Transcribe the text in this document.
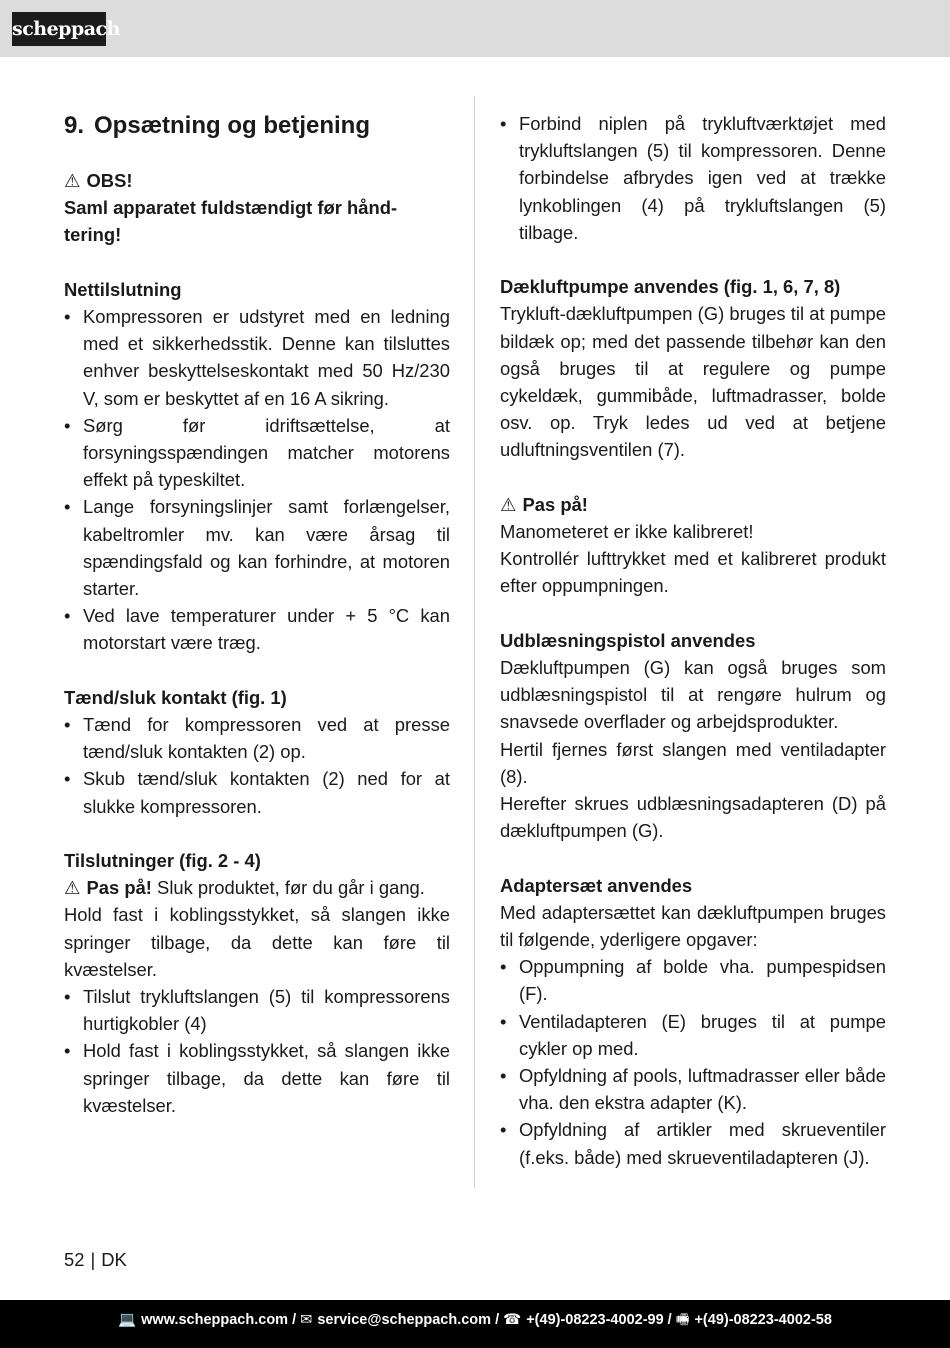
scheppach
9. Opsætning og betjening

⚠ OBS!

Saml apparatet fuldstændigt før hånd-tering!

Nettilslutning

• Kompressoren er udstyret med en ledning med et sikkerhedsstik. Denne kan tilsluttes enhver beskyttelseskontakt med 50 Hz/230 V, som er beskyttet af en 16 A sikring.
• Sørg før idriftsættelse, at forsyningsspændingen matcher motorens effekt på typeskiltet.
• Lange forsyningslinjer samt forlængelser, kabeltromler mv. kan være årsag til spændingsfald og kan forhindre, at motoren starter.
• Ved lave temperaturer under + 5 °C kan motorstart være træg.

Tænd/sluk kontakt (fig. 1)

• Tænd for kompressoren ved at presse tænd/sluk kontakten (2) op.
• Skub tænd/sluk kontakten (2) ned for at slukke kompressoren.

Tilslutninger (fig. 2 - 4)

⚠ Pas på! Sluk produktet, før du går i gang.

Hold fast i koblingsstykket, så slangen ikke springer tilbage, da dette kan føre til kvæstelser.

• Tilslut trykluftslangen (5) til kompressorens hurtigkobler (4)
• Hold fast i koblingsstykket, så slangen ikke springer tilbage, da dette kan føre til kvæstelser.
• Forbind niplen på trykluftværktøjet med trykluftslangen (5) til kompressoren. Denne forbindelse afbrydes igen ved at trække lynkoblingen (4) på trykluftslangen (5) tilbage.

Dækluftpumpe anvendes (fig. 1, 6, 7, 8)

Trykluft-dækluftpumpen (G) bruges til at pumpe bildæk op; med det passende tilbehør kan den også bruges til at regulere og pumpe cykeldæk, gummibåde, luftmadrasser, bolde osv. op. Tryk ledes ud ved at betjene udluftningsventilen (7).

⚠ Pas på!

Manometeret er ikke kalibreret!

Kontrollér lufttrykket med et kalibreret produkt efter oppumpningen.

Udblæsningspistol anvendes

Dækluftpumpen (G) kan også bruges som udblæsningspistol til at rengøre hulrum og snavsede overflader og arbejdsprodukter.

Hertil fjernes først slangen med ventiladapter (8).

Herefter skrues udblæsningsadapteren (D) på dækluftpumpen (G).

Adaptersæt anvendes

Med adaptersættet kan dækluftpumpen bruges til følgende, yderligere opgaver:

• Oppumpning af bolde vha. pumpespidsen (F).
• Ventiladapteren (E) bruges til at pumpe cykler op med.
• Opfyldning af pools, luftmadrasser eller både vha. den ekstra adapter (K).
• Opfyldning af artikler med skrueventiler (f.eks. både) med skrueventiladapteren (J).
52 | DK
💻 www.scheppach.com / ✉ service@scheppach.com / ☎ +(49)-08223-4002-99 / 🖷 +(49)-08223-4002-58
